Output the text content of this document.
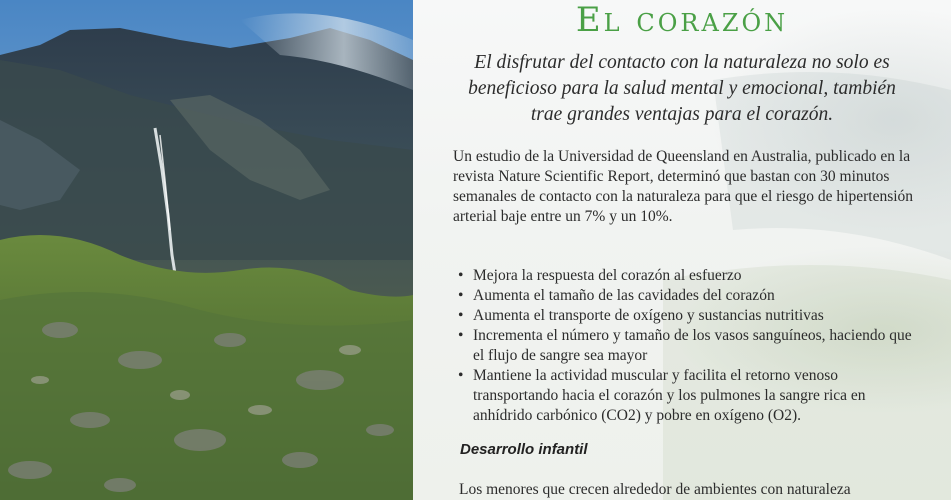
El corazón

El disfrutar del contacto con la naturaleza no solo es beneficioso para la salud mental y emocional, también trae grandes ventajas para el corazón.

Un estudio de la Universidad de Queensland en Australia, publicado en la revista Nature Scientific Report, determinó que bastan con 30 minutos semanales de contacto con la naturaleza para que el riesgo de hipertensión arterial baje entre un 7% y un 10%.

• Mejora la respuesta del corazón al esfuerzo
• Aumenta el tamaño de las cavidades del corazón
• Aumenta el transporte de oxígeno y sustancias nutritivas
• Incrementa el número y tamaño de los vasos sanguíneos, haciendo que el flujo de sangre sea mayor
• Mantiene la actividad muscular y facilita el retorno venoso transportando hacia el corazón y los pulmones la sangre rica en anhídrido carbónico (CO2) y pobre en oxígeno (O2).
Desarrollo infantil

Los menores que crecen alrededor de ambientes con naturaleza
